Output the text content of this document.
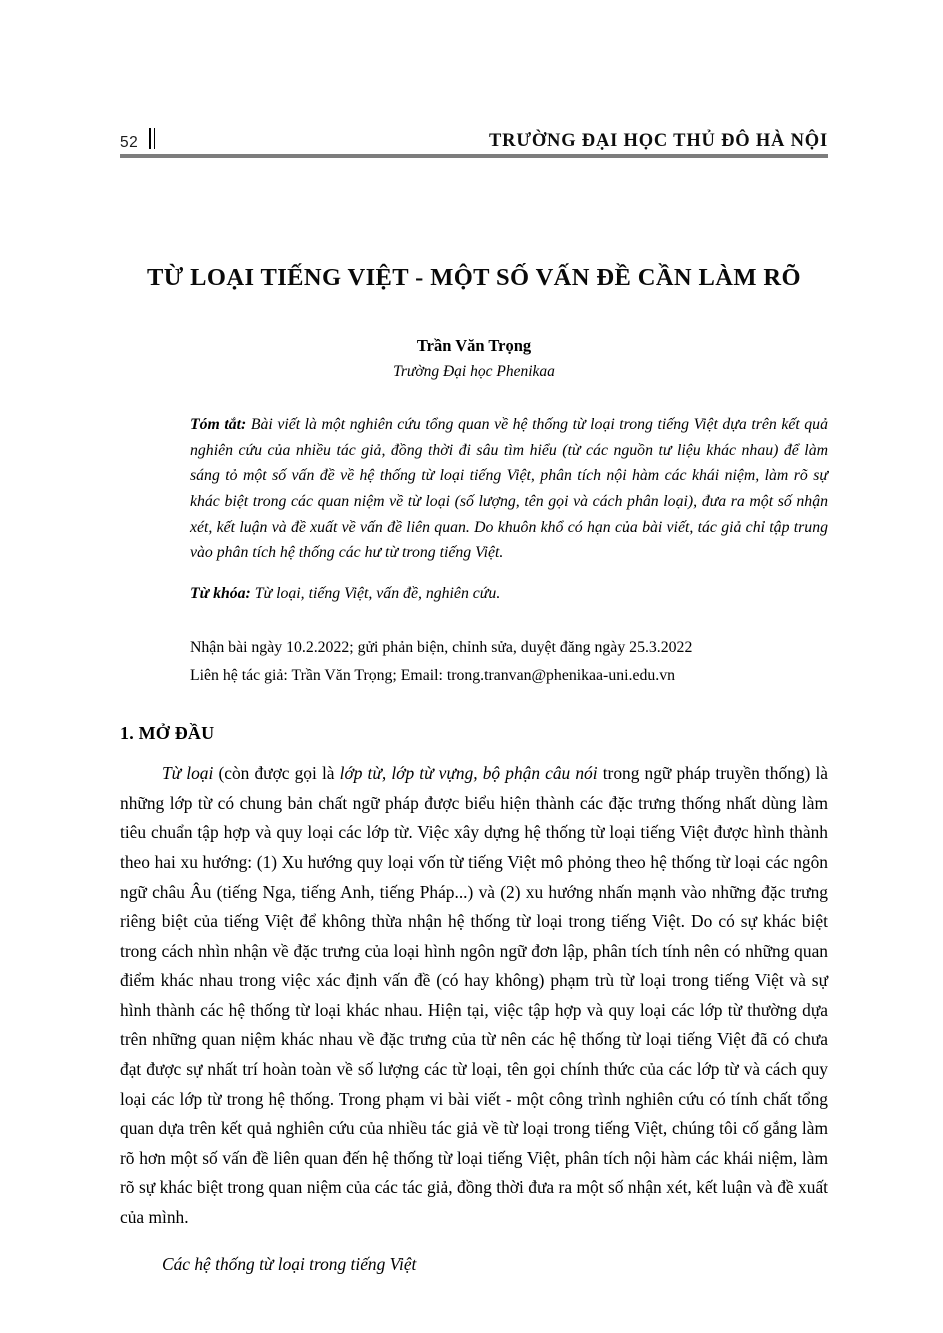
52	TRƯỜNG ĐẠI HỌC THỦ ĐÔ HÀ NỘI
TỪ LOẠI TIẾNG VIỆT - MỘT SỐ VẤN ĐỀ CẦN LÀM RÕ
Trần Văn Trọng
Trường Đại học Phenikaa

Tóm tắt: Bài viết là một nghiên cứu tổng quan về hệ thống từ loại trong tiếng Việt dựa trên kết quả nghiên cứu của nhiều tác giả, đồng thời đi sâu tìm hiểu (từ các nguồn tư liệu khác nhau) để làm sáng tỏ một số vấn đề về hệ thống từ loại tiếng Việt, phân tích nội hàm các khái niệm, làm rõ sự khác biệt trong các quan niệm về từ loại (số lượng, tên gọi và cách phân loại), đưa ra một số nhận xét, kết luận và đề xuất về vấn đề liên quan. Do khuôn khổ có hạn của bài viết, tác giả chỉ tập trung vào phân tích hệ thống các hư từ trong tiếng Việt.

Từ khóa: Từ loại, tiếng Việt, vấn đề, nghiên cứu.

Nhận bài ngày 10.2.2022; gửi phản biện, chỉnh sửa, duyệt đăng ngày 25.3.2022
Liên hệ tác giả: Trần Văn Trọng; Email: trong.tranvan@phenikaa-uni.edu.vn
1. MỞ ĐẦU

Từ loại (còn được gọi là lớp từ, lớp từ vựng, bộ phận câu nói trong ngữ pháp truyền thống) là những lớp từ có chung bản chất ngữ pháp được biểu hiện thành các đặc trưng thống nhất dùng làm tiêu chuẩn tập hợp và quy loại các lớp từ. Việc xây dựng hệ thống từ loại tiếng Việt được hình thành theo hai xu hướng: (1) Xu hướng quy loại vốn từ tiếng Việt mô phỏng theo hệ thống từ loại các ngôn ngữ châu Âu (tiếng Nga, tiếng Anh, tiếng Pháp...) và (2) xu hướng nhấn mạnh vào những đặc trưng riêng biệt của tiếng Việt để không thừa nhận hệ thống từ loại trong tiếng Việt. Do có sự khác biệt trong cách nhìn nhận về đặc trưng của loại hình ngôn ngữ đơn lập, phân tích tính nên có những quan điểm khác nhau trong việc xác định vấn đề (có hay không) phạm trù từ loại trong tiếng Việt và sự hình thành các hệ thống từ loại khác nhau. Hiện tại, việc tập hợp và quy loại các lớp từ thường dựa trên những quan niệm khác nhau về đặc trưng của từ nên các hệ thống từ loại tiếng Việt đã có chưa đạt được sự nhất trí hoàn toàn về số lượng các từ loại, tên gọi chính thức của các lớp từ và cách quy loại các lớp từ trong hệ thống. Trong phạm vi bài viết - một công trình nghiên cứu có tính chất tổng quan dựa trên kết quả nghiên cứu của nhiều tác giả về từ loại trong tiếng Việt, chúng tôi cố gắng làm rõ hơn một số vấn đề liên quan đến hệ thống từ loại tiếng Việt, phân tích nội hàm các khái niệm, làm rõ sự khác biệt trong quan niệm của các tác giả, đồng thời đưa ra một số nhận xét, kết luận và đề xuất của mình.

Các hệ thống từ loại trong tiếng Việt
